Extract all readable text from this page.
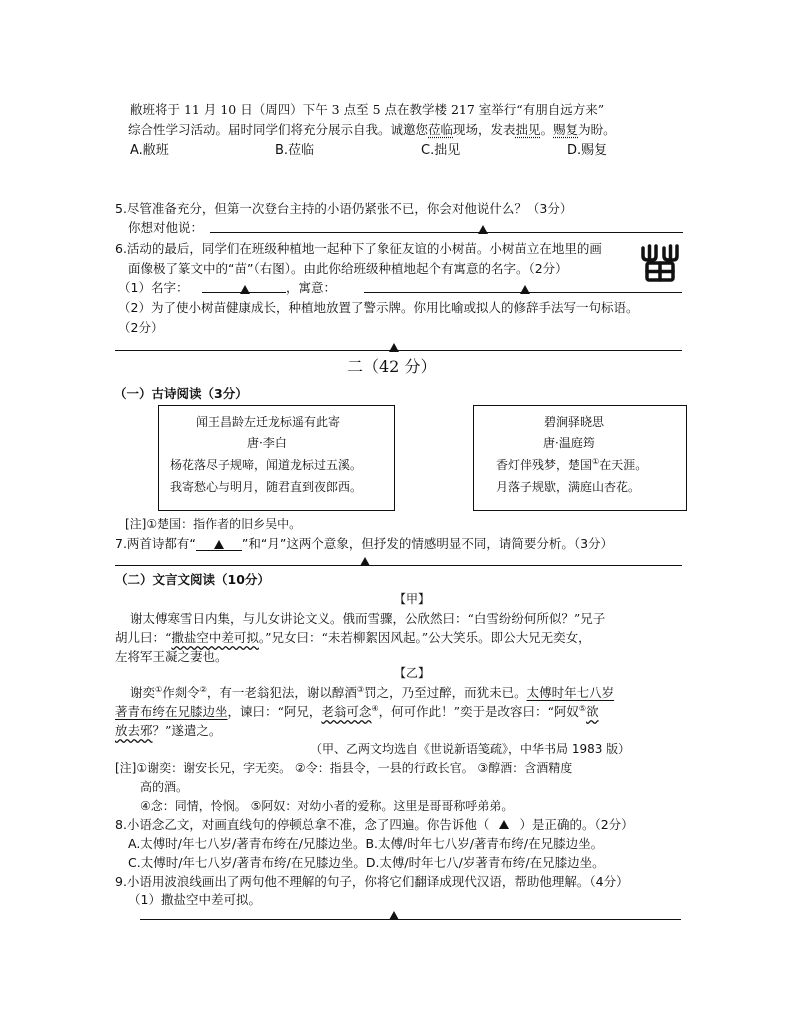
敝班将于 11 月 10 日（周四）下午 3 点至 5 点在教学楼 217 室举行“有朋自远方来”
综合性学习活动。届时同学们将充分展示自我。诚邀您莅临现场，发表拙见。赐复为盼。
A.敝班	B.莅临	C.拙见	D.赐复
5.尽管准备充分，但第一次登台主持的小语仍紧张不已，你会对他说什么？（3分）
你想对他说：
6.活动的最后，同学们在班级种植地一起种下了象征友谊的小树苗。小树苗立在地里的画
面像极了篆文中的“苗”（右图）。由此你给班级种植地起个有寓意的名字。（2分）
（1）名字：	，寓意：
（2）为了使小树苗健康成长，种植地放置了警示牌。你用比喻或拟人的修辞手法写一句标语。
（2分）
二（42 分）
（一）古诗阅读（3分）
闻王昌龄左迁龙标遥有此寄
唐·李白
杨花落尽子规啼，闻道龙标过五溪。
我寄愁心与明月，随君直到夜郎西。
碧涧驿晓思
唐·温庭筠
香灯伴残梦，楚国①在天涯。
月落子规歇，满庭山杏花。
[注]①楚国：指作者的旧乡吴中。
7.两首诗都有“	”和“月”这两个意象，但抒发的情感明显不同，请简要分析。（3分）
（二）文言文阅读（10分）
【甲】
谢太傅寒雪日内集，与儿女讲论文义。俄而雪骤，公欣然曰：“白雪纷纷何所似？”兄子
胡儿曰：“撒盐空中差可拟。”兄女曰：“未若柳絮因风起。”公大笑乐。即公大兄无奕女，
左将军王凝之妻也。
【乙】
谢奕①作剡令②，有一老翁犯法，谢以醇酒③罚之，乃至过醉，而犹未已。太傅时年七八岁
著青布绔在兄膝边坐，谏曰：“阿兄，老翁可念④，何可作此！”奕于是改容曰：“阿奴⑤欲
放去邪？”遂遣之。
（甲、乙两文均选自《世说新语笺疏》，中华书局 1983 版）
[注]①谢奕：谢安长兄，字无奕。 ②令：指县令，一县的行政长官。 ③醇酒：含酒精度
高的酒。
④念：同情，怜悯。 ⑤阿奴：对幼小者的爱称。这里是哥哥称呼弟弟。
8.小语念乙文，对画直线句的停顿总拿不准，念了四遍。你告诉他（ ）是正确的。（2分）
A.太傅时/年七八岁/著青布绔在/兄膝边坐。B.太傅/时年七八岁/著青布绔/在兄膝边坐。
C.太傅时/年七八岁/著青布绔/在兄膝边坐。D.太傅/时年七八/岁著青布绔/在兄膝边坐。
9.小语用波浪线画出了两句他不理解的句子，你将它们翻译成现代汉语，帮助他理解。（4分）
（1）撒盐空中差可拟。
